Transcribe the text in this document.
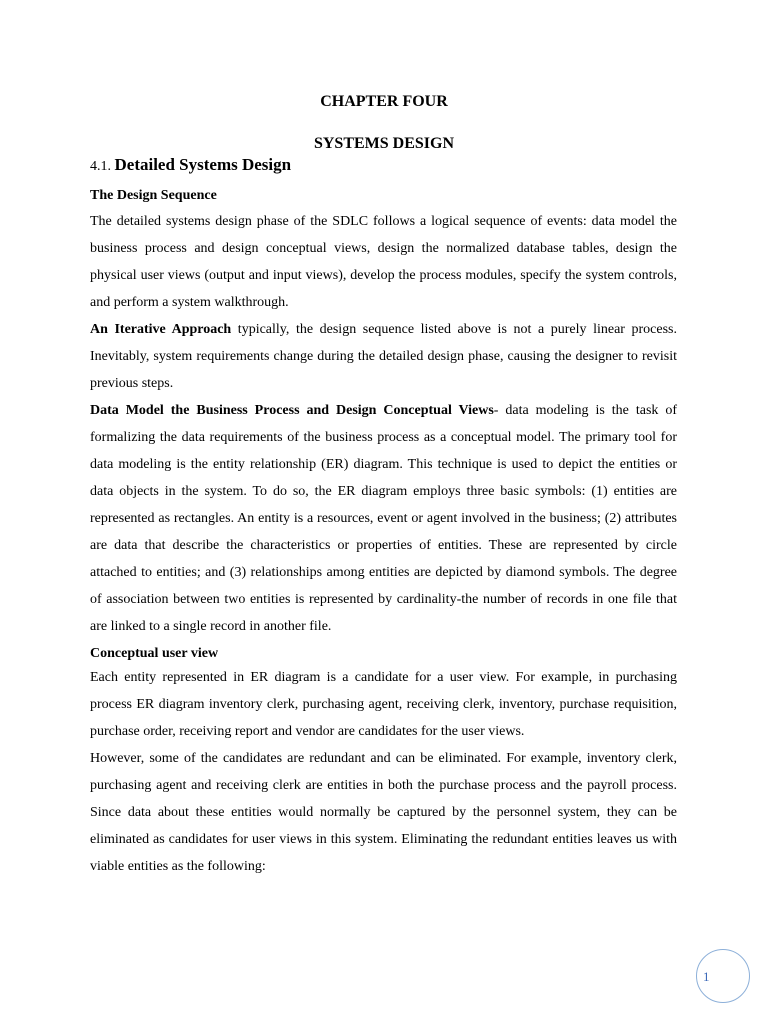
CHAPTER FOUR
SYSTEMS DESIGN
4.1. Detailed Systems Design
The Design Sequence

The detailed systems design phase of the SDLC follows a logical sequence of events: data model the business process and design conceptual views, design the normalized database tables, design the physical user views (output and input views), develop the process modules, specify the system controls, and perform a system walkthrough.

An Iterative Approach typically, the design sequence listed above is not a purely linear process. Inevitably, system requirements change during the detailed design phase, causing the designer to revisit previous steps.

Data Model the Business Process and Design Conceptual Views- data modeling is the task of formalizing the data requirements of the business process as a conceptual model. The primary tool for data modeling is the entity relationship (ER) diagram. This technique is used to depict the entities or data objects in the system. To do so, the ER diagram employs three basic symbols: (1) entities are represented as rectangles. An entity is a resources, event or agent involved in the business; (2) attributes are data that describe the characteristics or properties of entities. These are represented by circle attached to entities; and (3) relationships among entities are depicted by diamond symbols. The degree of association between two entities is represented by cardinality-the number of records in one file that are linked to a single record in another file.

Conceptual user view

Each entity represented in ER diagram is a candidate for a user view. For example, in purchasing process ER diagram inventory clerk, purchasing agent, receiving clerk, inventory, purchase requisition, purchase order, receiving report and vendor are candidates for the user views.

However, some of the candidates are redundant and can be eliminated. For example, inventory clerk, purchasing agent and receiving clerk are entities in both the purchase process and the payroll process. Since data about these entities would normally be captured by the personnel system, they can be eliminated as candidates for user views in this system. Eliminating the redundant entities leaves us with viable entities as the following:

1
